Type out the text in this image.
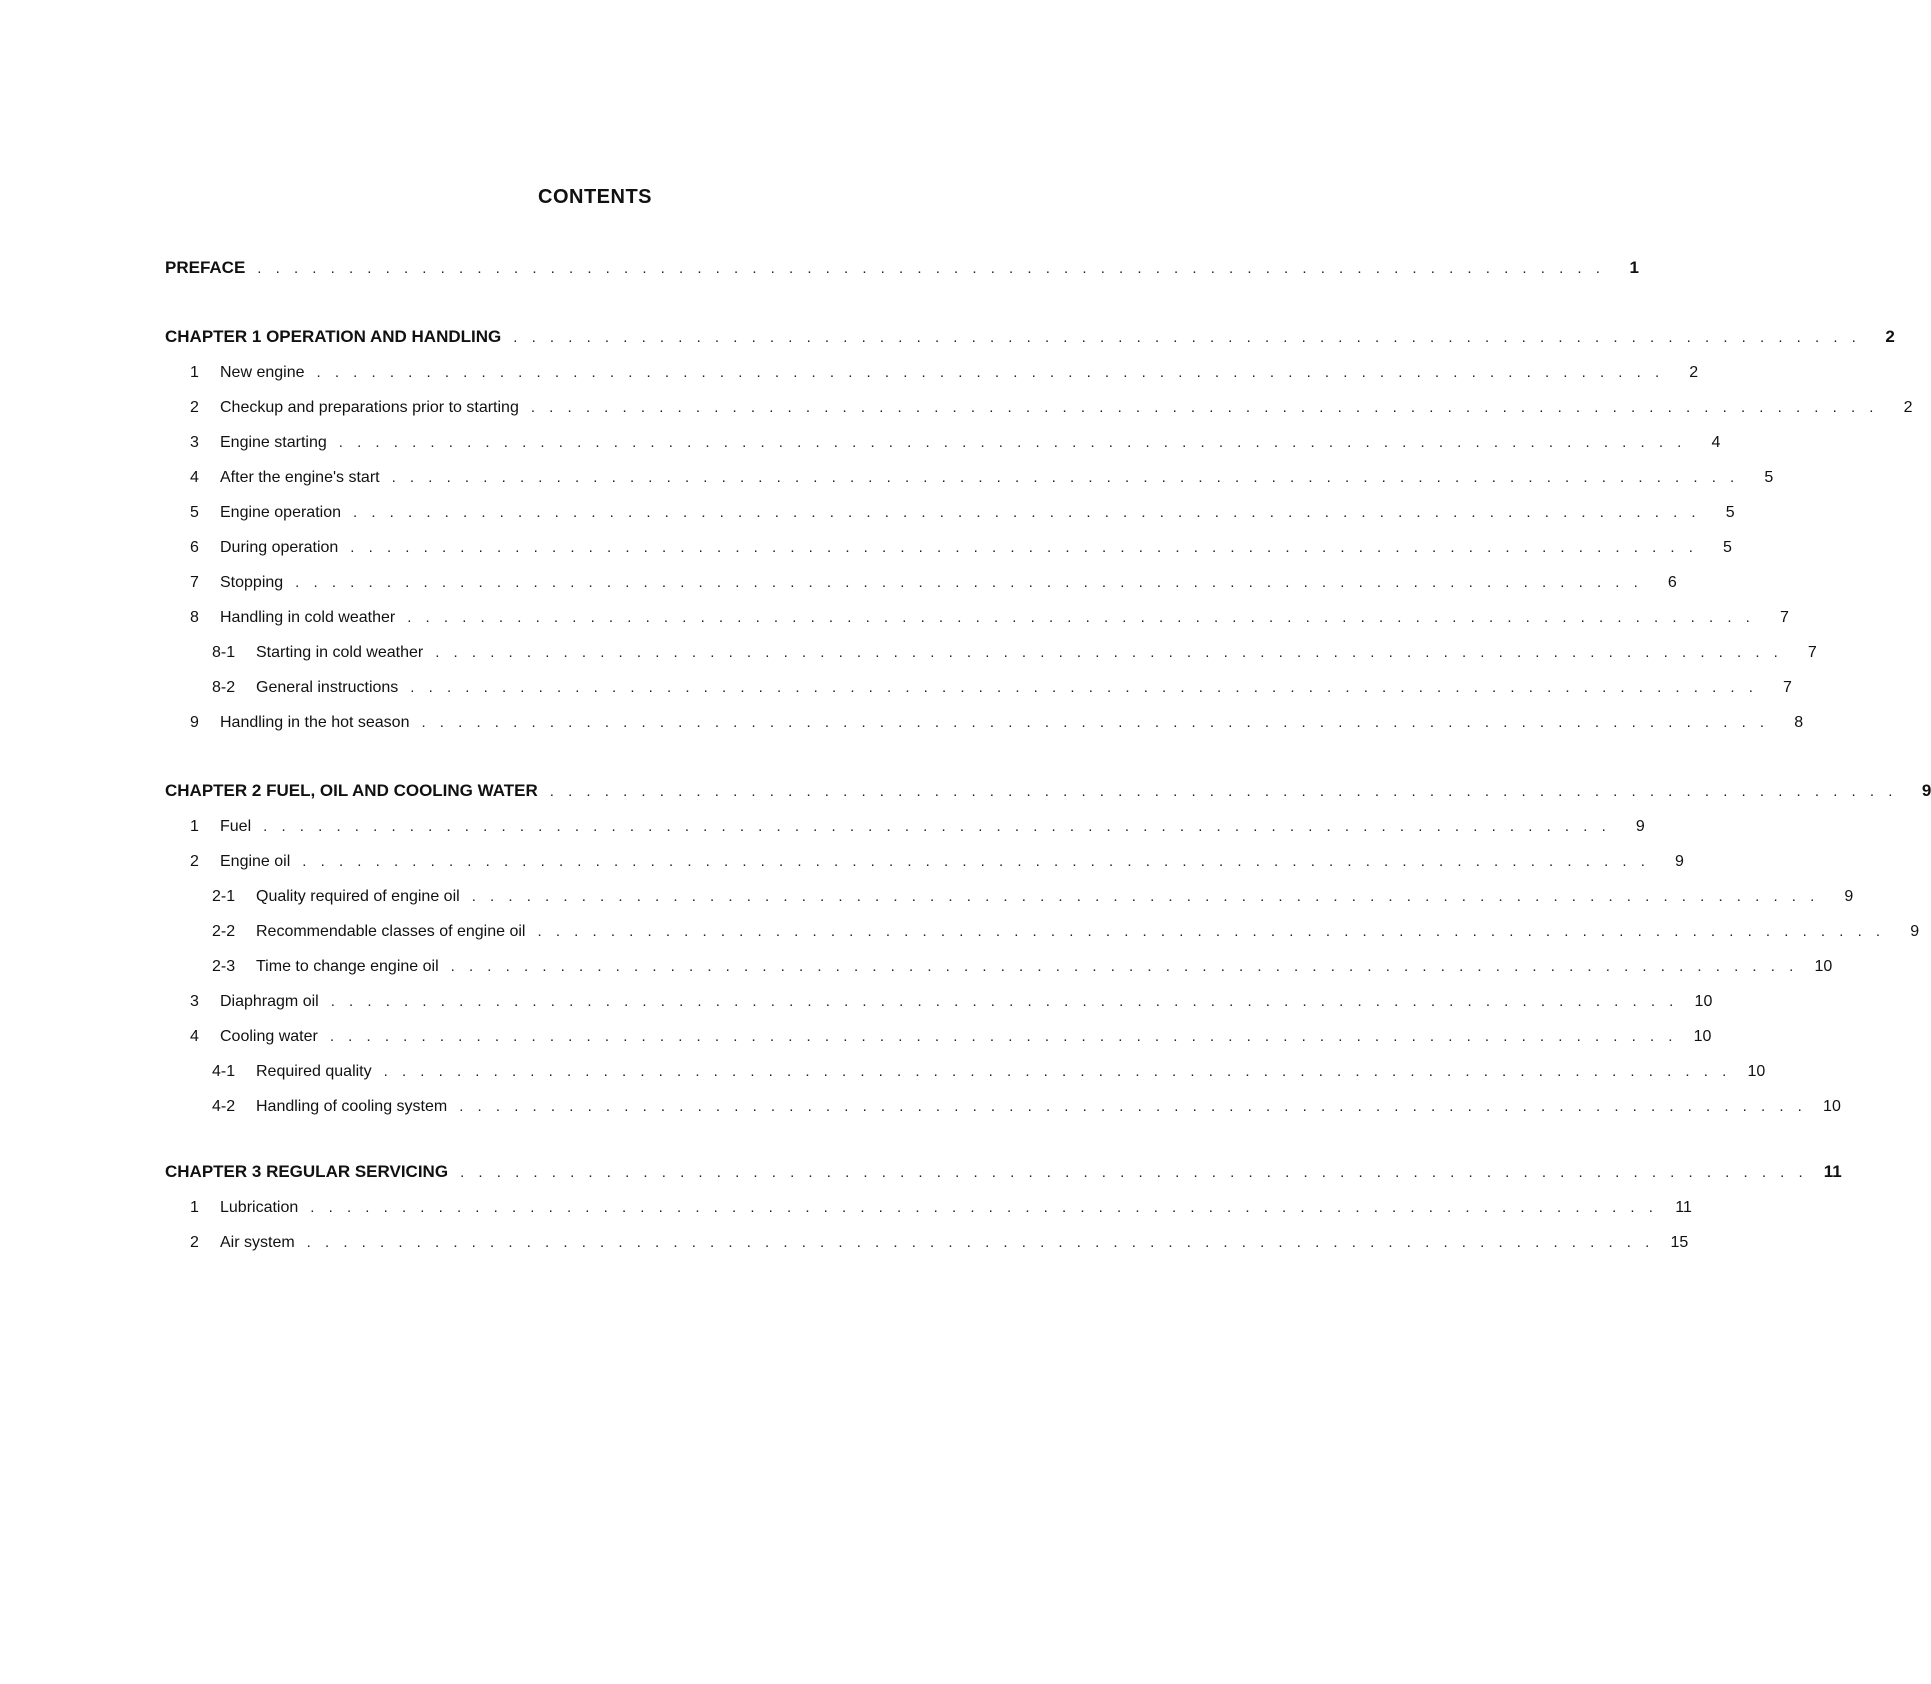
CONTENTS
PREFACE . . . . . . . . . . . . . . . . . . . . . . . . . . . . . . . . . . . . . . . . . . . . . . . . . . . . . . . . . . . . . . . . . . . . . . . . . .	1
CHAPTER 1 OPERATION AND HANDLING . . . . . . . . . . . . . . . . . . . . . . . . . . . . . . . . . . . . . . . . . . . . . . . . . . . . . . . . . . . . . . . . . . . . . . . . . .	2
1	New engine . . . . . . . . . . . . . . . . . . . . . . . . . . . . . . . . . . . . . . . . . . . . . . . . . . . . . . . . . . . . . . . . . . . . . . . . . .	2
2	Checkup and preparations prior to starting . . . . . . . . . . . . . . . . . . . . . . . . . . . . . . . . . . . . . . . . . . . . . . . . . . . . . . . . . . . . . . . . . . . . . . . . . .	2
3	Engine starting . . . . . . . . . . . . . . . . . . . . . . . . . . . . . . . . . . . . . . . . . . . . . . . . . . . . . . . . . . . . . . . . . . . . . . . . . .	4
4	After the engine's start . . . . . . . . . . . . . . . . . . . . . . . . . . . . . . . . . . . . . . . . . . . . . . . . . . . . . . . . . . . . . . . . . . . . . . . . . .	5
5	Engine operation . . . . . . . . . . . . . . . . . . . . . . . . . . . . . . . . . . . . . . . . . . . . . . . . . . . . . . . . . . . . . . . . . . . . . . . . . .	5
6	During operation . . . . . . . . . . . . . . . . . . . . . . . . . . . . . . . . . . . . . . . . . . . . . . . . . . . . . . . . . . . . . . . . . . . . . . . . . .	5
7	Stopping . . . . . . . . . . . . . . . . . . . . . . . . . . . . . . . . . . . . . . . . . . . . . . . . . . . . . . . . . . . . . . . . . . . . . . . . . .	6
8	Handling in cold weather . . . . . . . . . . . . . . . . . . . . . . . . . . . . . . . . . . . . . . . . . . . . . . . . . . . . . . . . . . . . . . . . . . . . . . . . . .	7
8-1	Starting in cold weather . . . . . . . . . . . . . . . . . . . . . . . . . . . . . . . . . . . . . . . . . . . . . . . . . . . . . . . . . . . . . . . . . . . . . . . . . .	7
8-2	General instructions . . . . . . . . . . . . . . . . . . . . . . . . . . . . . . . . . . . . . . . . . . . . . . . . . . . . . . . . . . . . . . . . . . . . . . . . . .	7
9	Handling in the hot season . . . . . . . . . . . . . . . . . . . . . . . . . . . . . . . . . . . . . . . . . . . . . . . . . . . . . . . . . . . . . . . . . . . . . . . . . .	8
CHAPTER 2 FUEL, OIL AND COOLING WATER . . . . . . . . . . . . . . . . . . . . . . . . . . . . . . . . . . . . . . . . . . . . . . . . . . . . . . . . . . . . . . . . . . . . . . . . . .	9
1	Fuel . . . . . . . . . . . . . . . . . . . . . . . . . . . . . . . . . . . . . . . . . . . . . . . . . . . . . . . . . . . . . . . . . . . . . . . . . .	9
2	Engine oil . . . . . . . . . . . . . . . . . . . . . . . . . . . . . . . . . . . . . . . . . . . . . . . . . . . . . . . . . . . . . . . . . . . . . . . . . .	9
2-1	Quality required of engine oil . . . . . . . . . . . . . . . . . . . . . . . . . . . . . . . . . . . . . . . . . . . . . . . . . . . . . . . . . . . . . . . . . . . . . . . . . .	9
2-2	Recommendable classes of engine oil . . . . . . . . . . . . . . . . . . . . . . . . . . . . . . . . . . . . . . . . . . . . . . . . . . . . . . . . . . . . . . . . . . . . . . . . . .	9
2-3	Time to change engine oil . . . . . . . . . . . . . . . . . . . . . . . . . . . . . . . . . . . . . . . . . . . . . . . . . . . . . . . . . . . . . . . . . . . . . . . . . .	10
3	Diaphragm oil . . . . . . . . . . . . . . . . . . . . . . . . . . . . . . . . . . . . . . . . . . . . . . . . . . . . . . . . . . . . . . . . . . . . . . . . . .	10
4	Cooling water . . . . . . . . . . . . . . . . . . . . . . . . . . . . . . . . . . . . . . . . . . . . . . . . . . . . . . . . . . . . . . . . . . . . . . . . . .	10
4-1	Required quality . . . . . . . . . . . . . . . . . . . . . . . . . . . . . . . . . . . . . . . . . . . . . . . . . . . . . . . . . . . . . . . . . . . . . . . . . .	10
4-2	Handling of cooling system . . . . . . . . . . . . . . . . . . . . . . . . . . . . . . . . . . . . . . . . . . . . . . . . . . . . . . . . . . . . . . . . . . . . . . . . . .	10
CHAPTER 3 REGULAR SERVICING . . . . . . . . . . . . . . . . . . . . . . . . . . . . . . . . . . . . . . . . . . . . . . . . . . . . . . . . . . . . . . . . . . . . . . . . . . 11
1	Lubrication . . . . . . . . . . . . . . . . . . . . . . . . . . . . . . . . . . . . . . . . . . . . . . . . . . . . . . . . . . . . . . . . . . . . . . . . . .	11
2	Air system . . . . . . . . . . . . . . . . . . . . . . . . . . . . . . . . . . . . . . . . . . . . . . . . . . . . . . . . . . . . . . . . . . . . . . . . . .	15
